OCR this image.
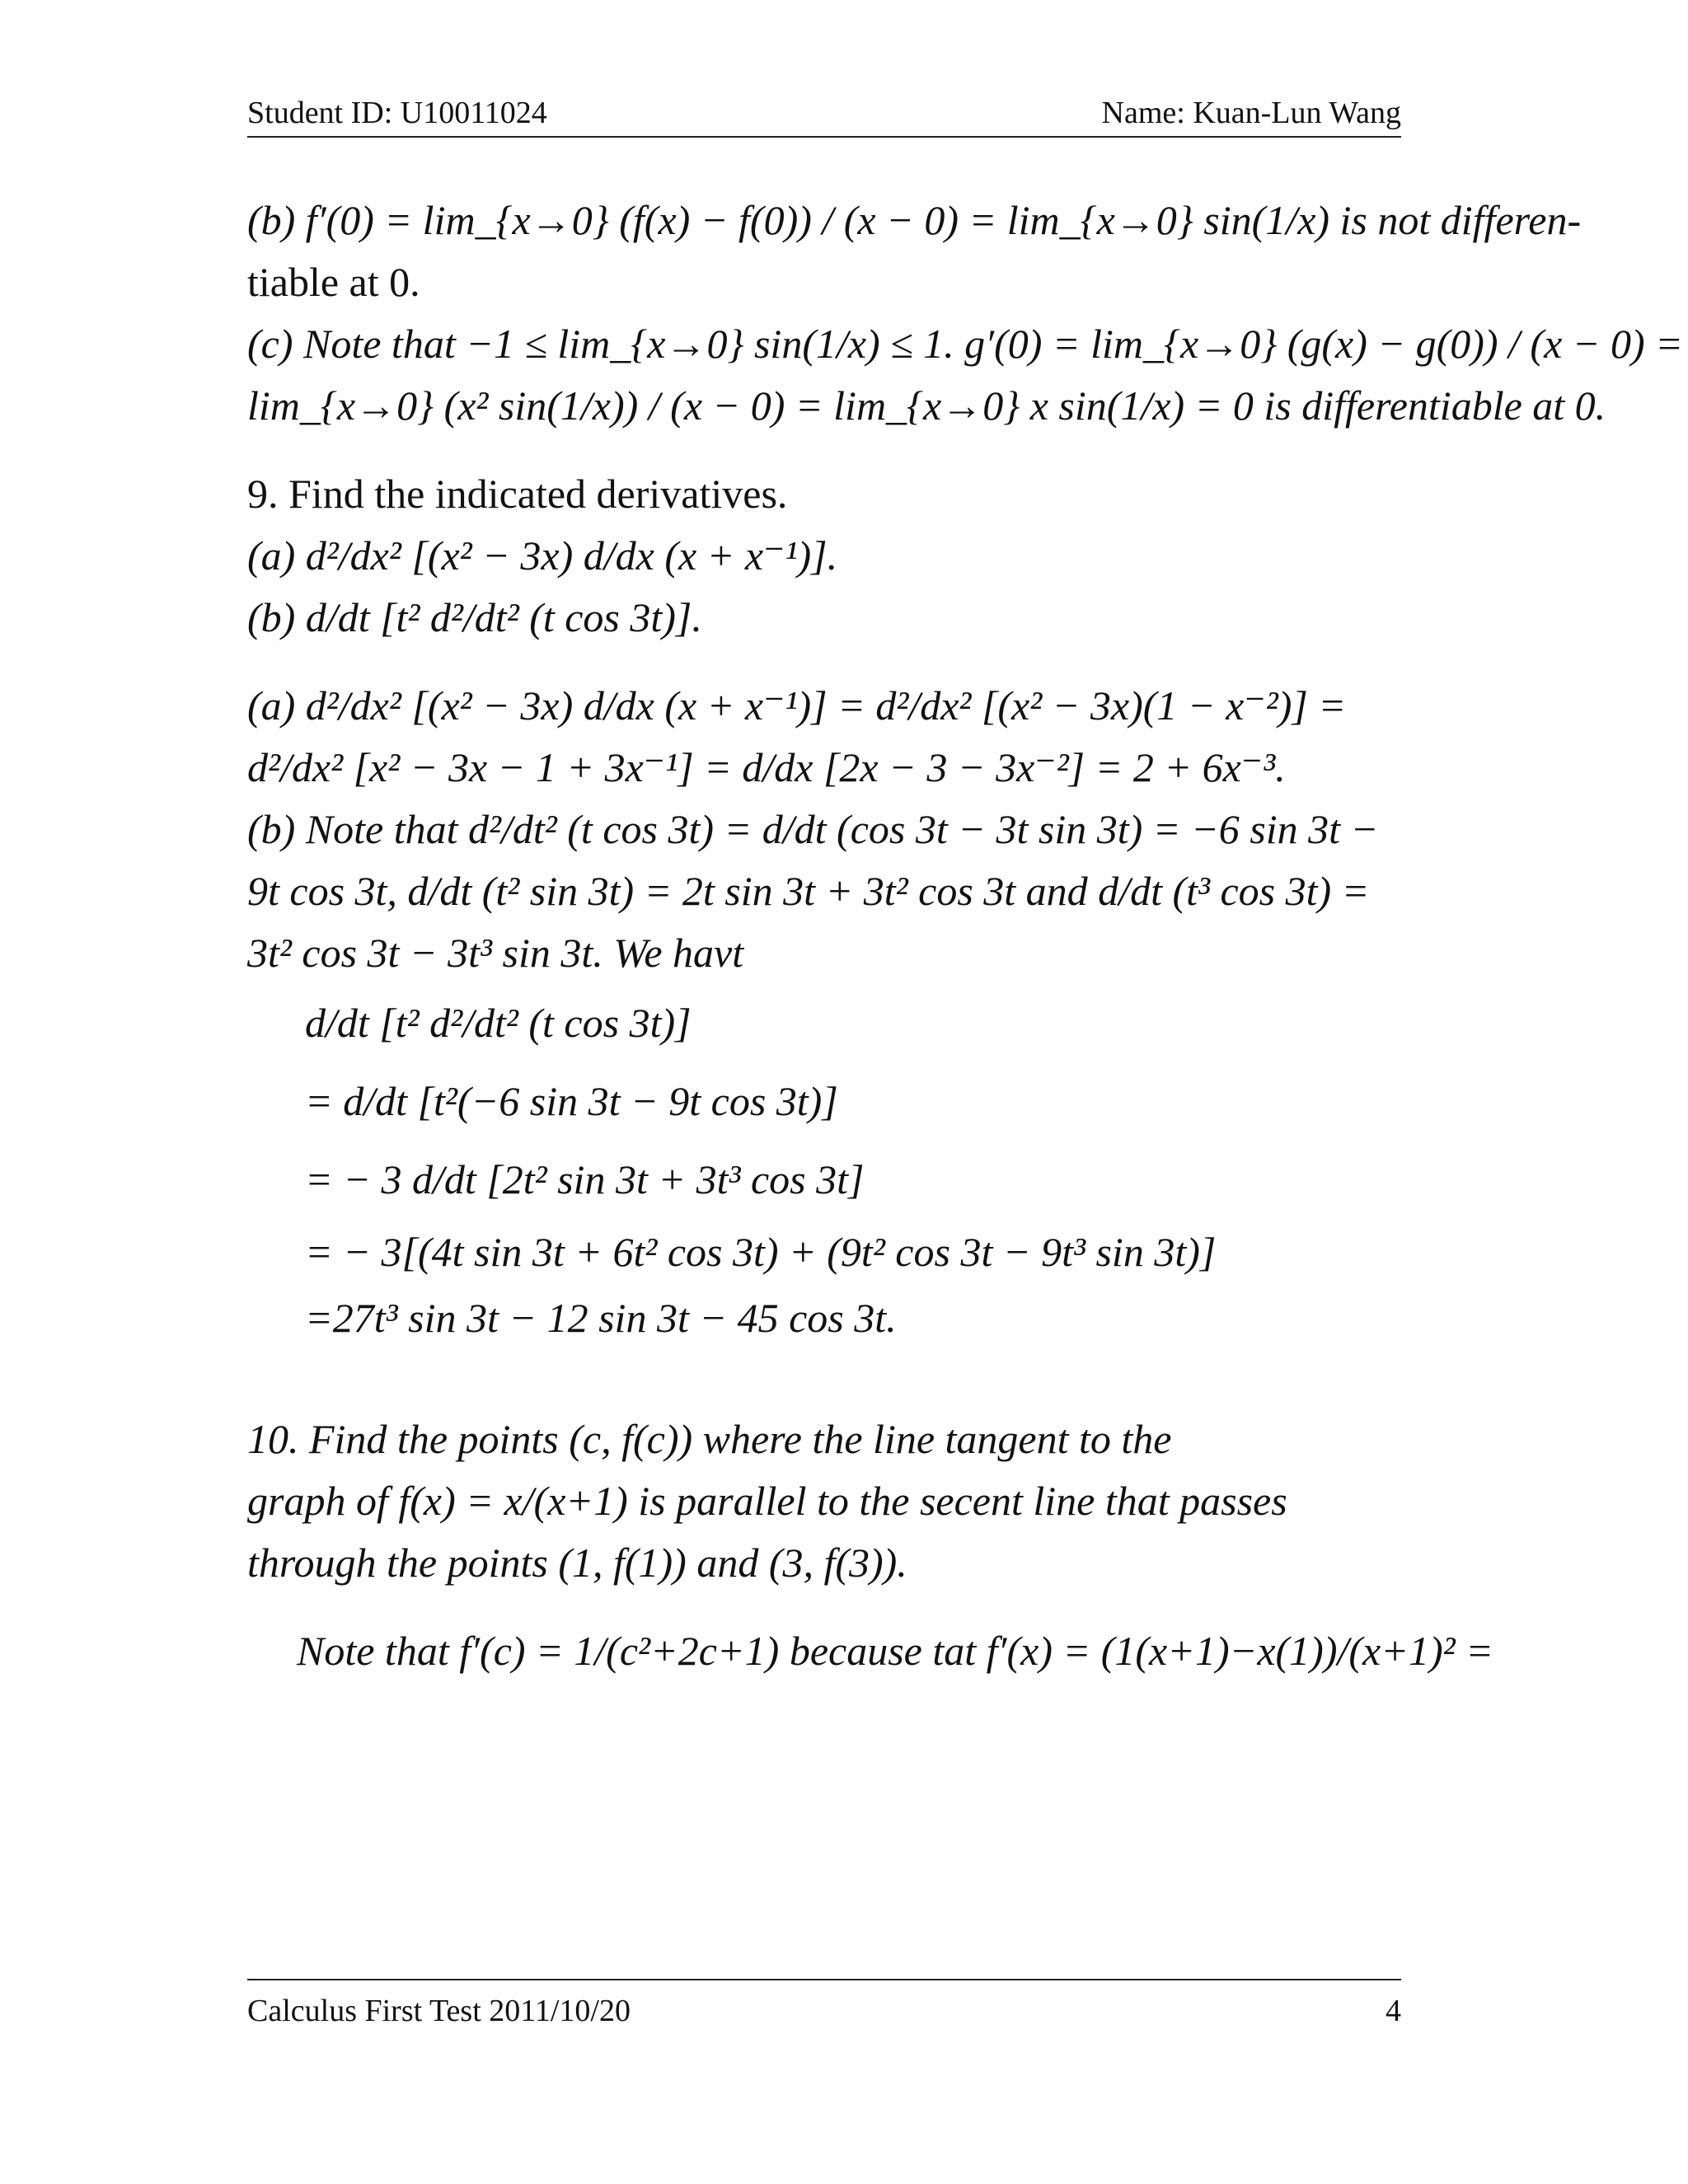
Student ID: U10011024	Name: Kuan-Lun Wang

(b) f′(0) = lim_{x→0} (f(x) − f(0)) / (x − 0) = lim_{x→0} sin(1/x) is not differen-

tiable at 0.

(c) Note that −1 ≤ lim_{x→0} sin(1/x) ≤ 1. g′(0) = lim_{x→0} (g(x) − g(0)) / (x − 0) =

lim_{x→0} (x² sin(1/x)) / (x − 0) = lim_{x→0} x sin(1/x) = 0 is differentiable at 0.

9. Find the indicated derivatives.

(a) d²/dx² [(x² − 3x) d/dx (x + x⁻¹)].

(b) d/dt [t² d²/dt² (t cos 3t)].

(a) d²/dx² [(x² − 3x) d/dx (x + x⁻¹)] = d²/dx² [(x² − 3x)(1 − x⁻²)] =

d²/dx² [x² − 3x − 1 + 3x⁻¹] = d/dx [2x − 3 − 3x⁻²] = 2 + 6x⁻³.

(b) Note that d²/dt² (t cos 3t) = d/dt (cos 3t − 3t sin 3t) = −6 sin 3t −

9t cos 3t, d/dt (t² sin 3t) = 2t sin 3t + 3t² cos 3t and d/dt (t³ cos 3t) =

3t² cos 3t − 3t³ sin 3t. We havt

d/dt [t² d²/dt² (t cos 3t)]

= d/dt [t²(−6 sin 3t − 9t cos 3t)]

= − 3 d/dt [2t² sin 3t + 3t³ cos 3t]

= − 3[(4t sin 3t + 6t² cos 3t) + (9t² cos 3t − 9t³ sin 3t)]

=27t³ sin 3t − 12 sin 3t − 45 cos 3t.

10. Find the points (c, f(c)) where the line tangent to the

graph of f(x) = x/(x+1) is parallel to the secent line that passes

through the points (1, f(1)) and (3, f(3)).

Note that f′(c) = 1/(c²+2c+1) because tat f′(x) = (1(x+1)−x(1))/(x+1)² =

Calculus First Test 2011/10/20	4
